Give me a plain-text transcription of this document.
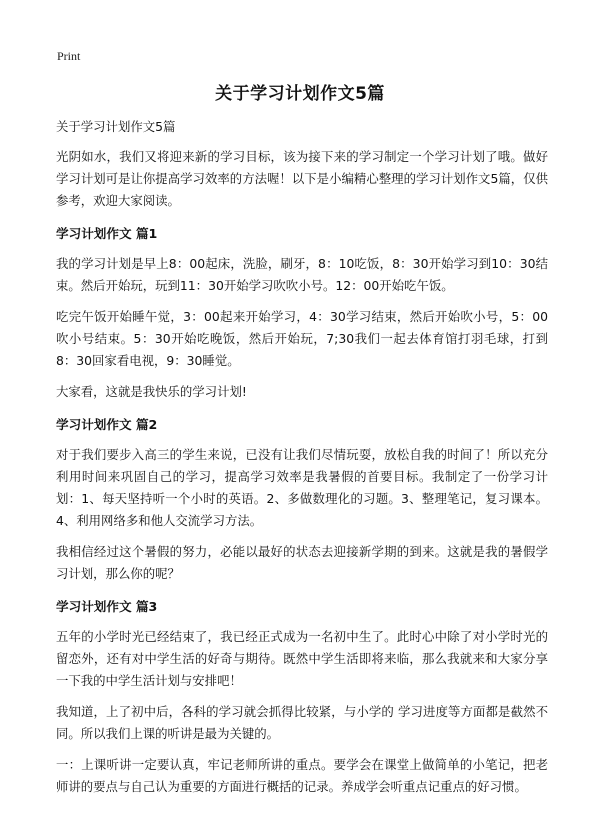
Print
关于学习计划作文5篇

关于学习计划作文5篇

光阴如水，我们又将迎来新的学习目标，该为接下来的学习制定一个学习计划了哦。做好学习计划可是让你提高学习效率的方法喔！以下是小编精心整理的学习计划作文5篇，仅供参考，欢迎大家阅读。

学习计划作文 篇1

我的学习计划是早上8：00起床，洗脸，刷牙，8：10吃饭，8：30开始学习到10：30结束。然后开始玩，玩到11：30开始学习吹吹小号。12：00开始吃午饭。

吃完午饭开始睡午觉，3：00起来开始学习，4：30学习结束，然后开始吹小号，5：00吹小号结束。5：30开始吃晚饭，然后开始玩，7;30我们一起去体育馆打羽毛球，打到8：30回家看电视，9：30睡觉。

大家看，这就是我快乐的学习计划!

学习计划作文 篇2

对于我们要步入高三的学生来说，已没有让我们尽情玩耍，放松自我的时间了！所以充分利用时间来巩固自己的学习，提高学习效率是我暑假的首要目标。我制定了一份学习计划：1、每天坚持听一个小时的英语。2、多做数理化的习题。3、整理笔记，复习课本。4、利用网络多和他人交流学习方法。

我相信经过这个暑假的努力，必能以最好的状态去迎接新学期的到来。这就是我的暑假学习计划，那么你的呢？

学习计划作文 篇3

五年的小学时光已经结束了，我已经正式成为一名初中生了。此时心中除了对小学时光的留恋外，还有对中学生活的好奇与期待。既然中学生活即将来临，那么我就来和大家分享一下我的中学生活计划与安排吧！

我知道，上了初中后，各科的学习就会抓得比较紧，与小学的 学习进度等方面都是截然不同。所以我们上课的听讲是最为关键的。

一：上课听讲一定要认真，牢记老师所讲的重点。要学会在课堂上做简单的小笔记，把老师讲的要点与自己认为重要的方面进行概括的记录。养成学会听重点记重点的好习惯。
